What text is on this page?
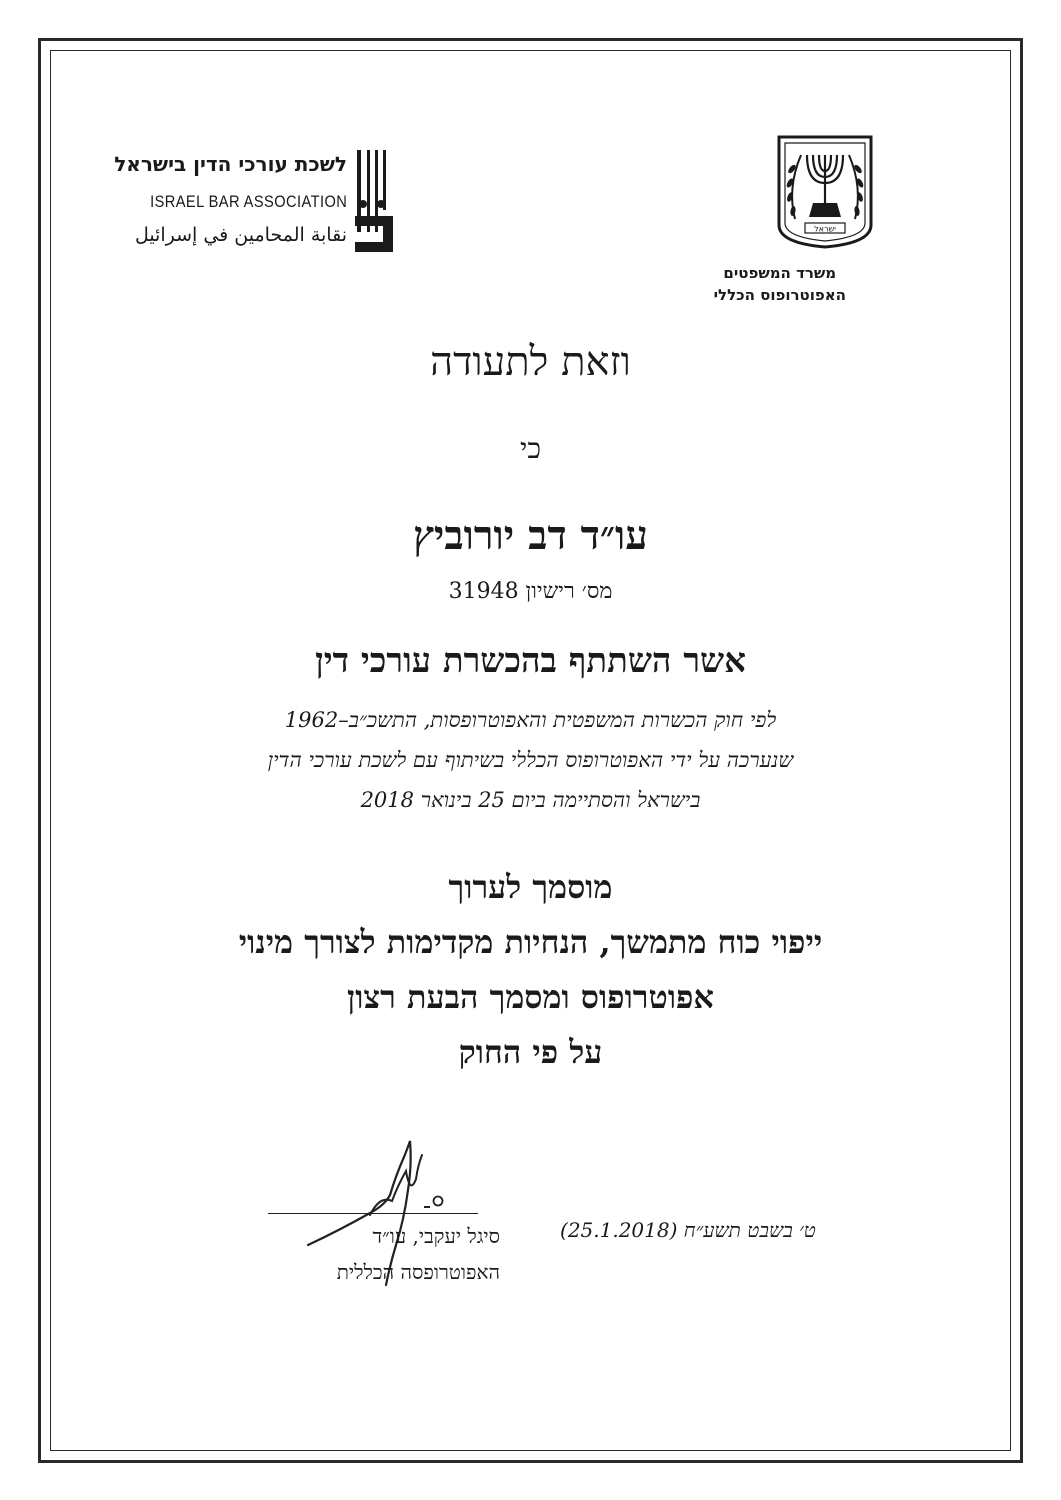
לשכת עורכי הדין בישראל
ISRAEL BAR ASSOCIATION
نقابة المحامين في إسرائيل	ישראל
משרד המשפטים
האפוטרופוס הכללי
וזאת לתעודה
כי
עו״ד דב יורוביץ
מס׳ רישיון 31948
אשר השתתף בהכשרת עורכי דין
לפי חוק הכשרות המשפטית והאפוטרופסות, התשכ״ב–1962
שנערכה על ידי האפוטרופוס הכללי בשיתוף עם לשכת עורכי הדין
בישראל והסתיימה ביום 25 בינואר 2018
מוסמך לערוך
ייפוי כוח מתמשך, הנחיות מקדימות לצורך מינוי
אפוטרופוס ומסמך הבעת רצון
על פי החוק
ט׳ בשבט תשע״ח (25.1.2018)
סיגל יעקבי, עו״ד
האפוטרופסה הכללית
